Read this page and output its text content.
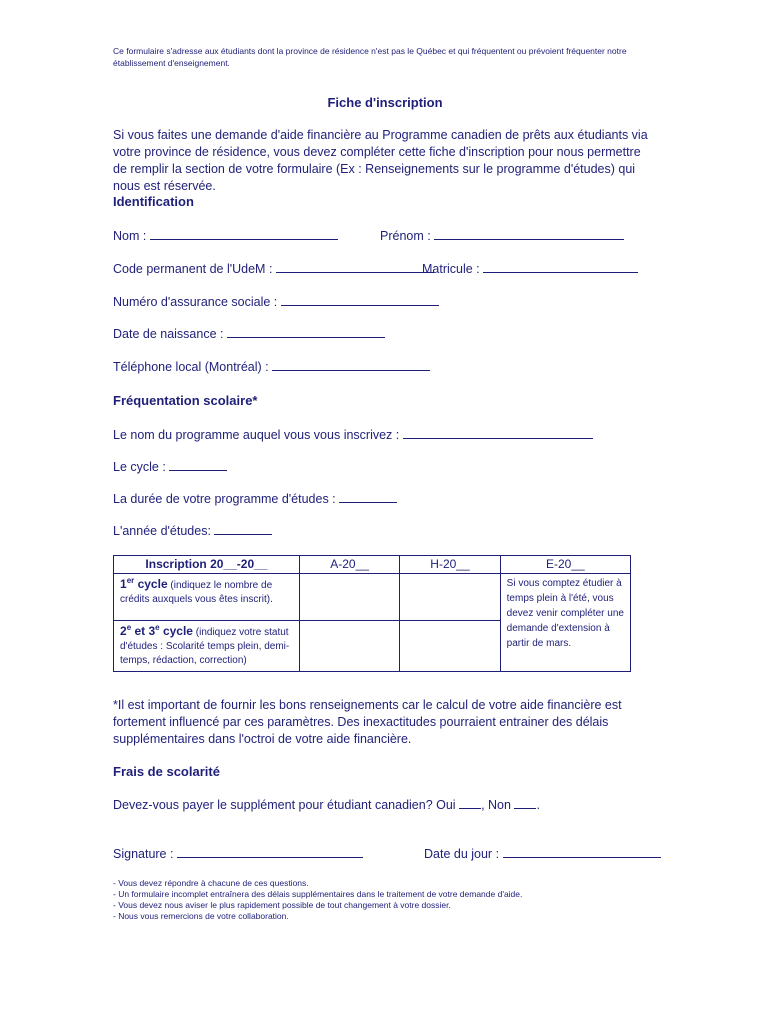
Ce formulaire s'adresse aux étudiants dont la province de résidence n'est pas le Québec et qui fréquentent ou prévoient fréquenter notre établissement d'enseignement.
Fiche d'inscription
Si vous faites une demande d'aide financière au Programme canadien de prêts aux étudiants via votre province de résidence, vous devez compléter cette fiche d'inscription pour nous permettre de remplir la section de votre formulaire (Ex : Renseignements sur le programme d'études) qui nous est réservée.
Identification
Nom :	Prénom :
Code permanent de l'UdeM :	Matricule :
Numéro d'assurance sociale :
Date de naissance :
Téléphone local (Montréal) :
Fréquentation scolaire*
Le nom du programme auquel vous vous inscrivez :
Le cycle :
La durée de votre programme d'études :
L'année d'études:
Inscription 20__-20__	A-20__	H-20__	E-20__
1er cycle (indiquez le nombre de crédits auxquels vous êtes inscrit).			Si vous comptez étudier à temps plein à l'été, vous devez venir compléter une demande d'extension à partir de mars.
2e et 3e cycle (indiquez votre statut d'études : Scolarité temps plein, demi-temps, rédaction, correction)			
*Il est important de fournir les bons renseignements car le calcul de votre aide financière est fortement influencé par ces paramètres. Des inexactitudes pourraient entrainer des délais supplémentaires dans l'octroi de votre aide financière.
Frais de scolarité
Devez-vous payer le supplément pour étudiant canadien? Oui , Non .
Signature :	Date du jour :
- Vous devez répondre à chacune de ces questions.
- Un formulaire incomplet entraînera des délais supplémentaires dans le traitement de votre demande d'aide.
- Vous devez nous aviser le plus rapidement possible de tout changement à votre dossier.
- Nous vous remercions de votre collaboration.
